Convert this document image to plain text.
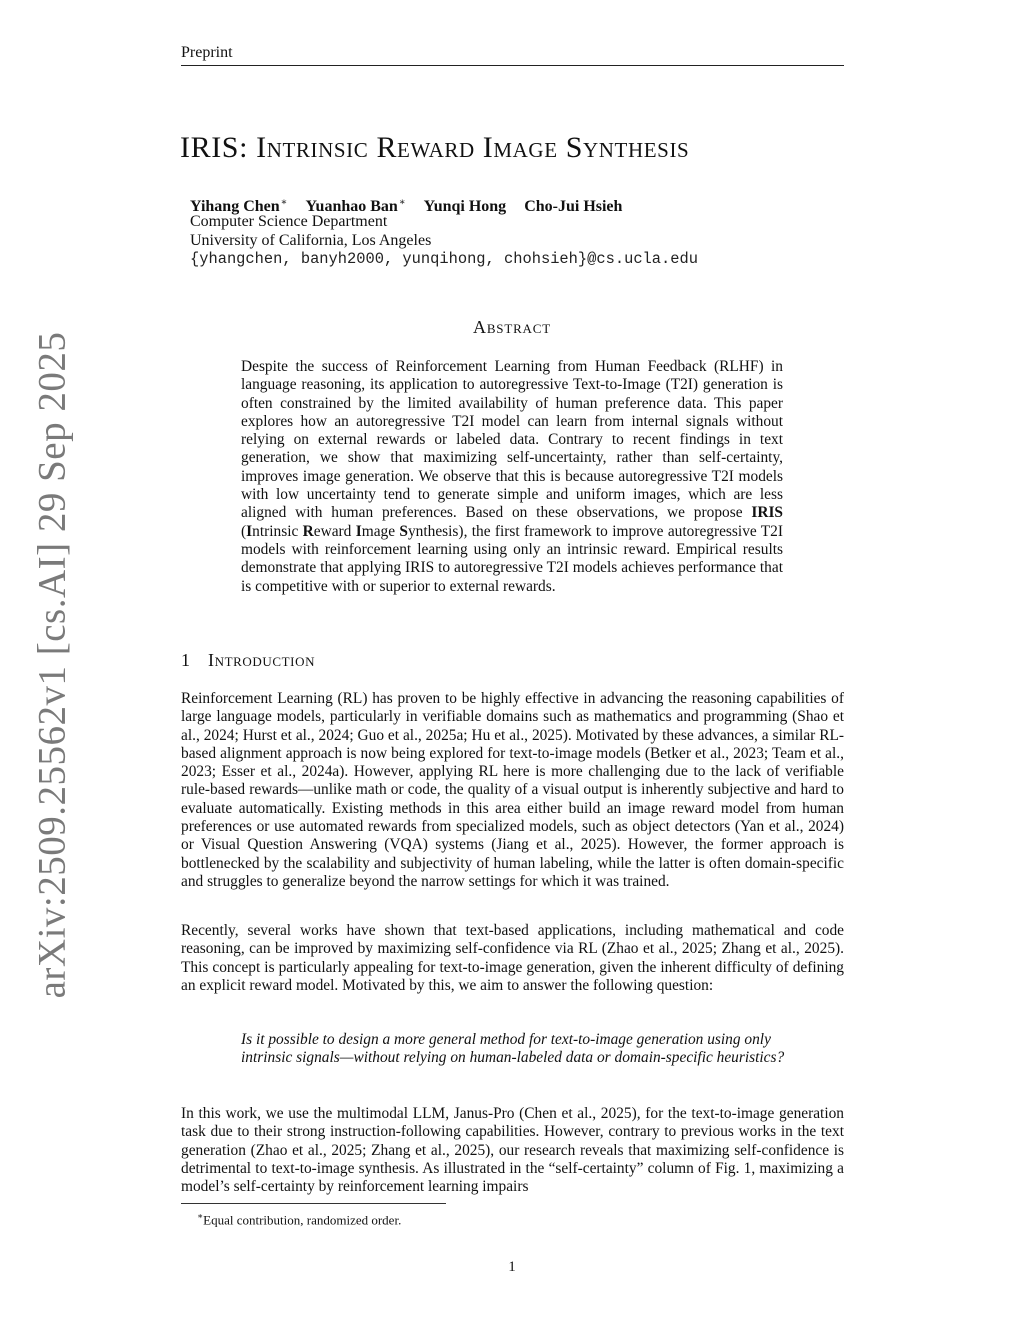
Preprint
arXiv:2509.25562v1 [cs.AI] 29 Sep 2025
IRIS: Intrinsic Reward Image Synthesis
Yihang Chen∗ Yuanhao Ban∗ Yunqi Hong Cho-Jui Hsieh
Computer Science Department
University of California, Los Angeles
{yhangchen, banyh2000, yunqihong, chohsieh}@cs.ucla.edu
Abstract
Despite the success of Reinforcement Learning from Human Feedback (RLHF) in language reasoning, its application to autoregressive Text-to-Image (T2I) generation is often constrained by the limited availability of human preference data. This paper explores how an autoregressive T2I model can learn from internal signals without relying on external rewards or labeled data. Contrary to recent findings in text generation, we show that maximizing self-uncertainty, rather than self-certainty, improves image generation. We observe that this is because autoregressive T2I models with low uncertainty tend to generate simple and uniform images, which are less aligned with human preferences. Based on these observations, we propose IRIS (Intrinsic Reward Image Synthesis), the first framework to improve autoregressive T2I models with reinforcement learning using only an intrinsic reward. Empirical results demonstrate that applying IRIS to autoregressive T2I models achieves performance that is competitive with or superior to external rewards.
1 Introduction
Reinforcement Learning (RL) has proven to be highly effective in advancing the reasoning capabilities of large language models, particularly in verifiable domains such as mathematics and programming (Shao et al., 2024; Hurst et al., 2024; Guo et al., 2025a; Hu et al., 2025). Motivated by these advances, a similar RL-based alignment approach is now being explored for text-to-image models (Betker et al., 2023; Team et al., 2023; Esser et al., 2024a). However, applying RL here is more challenging due to the lack of verifiable rule-based rewards—unlike math or code, the quality of a visual output is inherently subjective and hard to evaluate automatically. Existing methods in this area either build an image reward model from human preferences or use automated rewards from specialized models, such as object detectors (Yan et al., 2024) or Visual Question Answering (VQA) systems (Jiang et al., 2025). However, the former approach is bottlenecked by the scalability and subjectivity of human labeling, while the latter is often domain-specific and struggles to generalize beyond the narrow settings for which it was trained.
Recently, several works have shown that text-based applications, including mathematical and code reasoning, can be improved by maximizing self-confidence via RL (Zhao et al., 2025; Zhang et al., 2025). This concept is particularly appealing for text-to-image generation, given the inherent difficulty of defining an explicit reward model. Motivated by this, we aim to answer the following question:
Is it possible to design a more general method for text-to-image generation using only intrinsic signals—without relying on human-labeled data or domain-specific heuristics?
In this work, we use the multimodal LLM, Janus-Pro (Chen et al., 2025), for the text-to-image generation task due to their strong instruction-following capabilities. However, contrary to previous works in the text generation (Zhao et al., 2025; Zhang et al., 2025), our research reveals that maximizing self-confidence is detrimental to text-to-image synthesis. As illustrated in the “self-certainty” column of Fig. 1, maximizing a model’s self-certainty by reinforcement learning impairs
∗Equal contribution, randomized order.
1
